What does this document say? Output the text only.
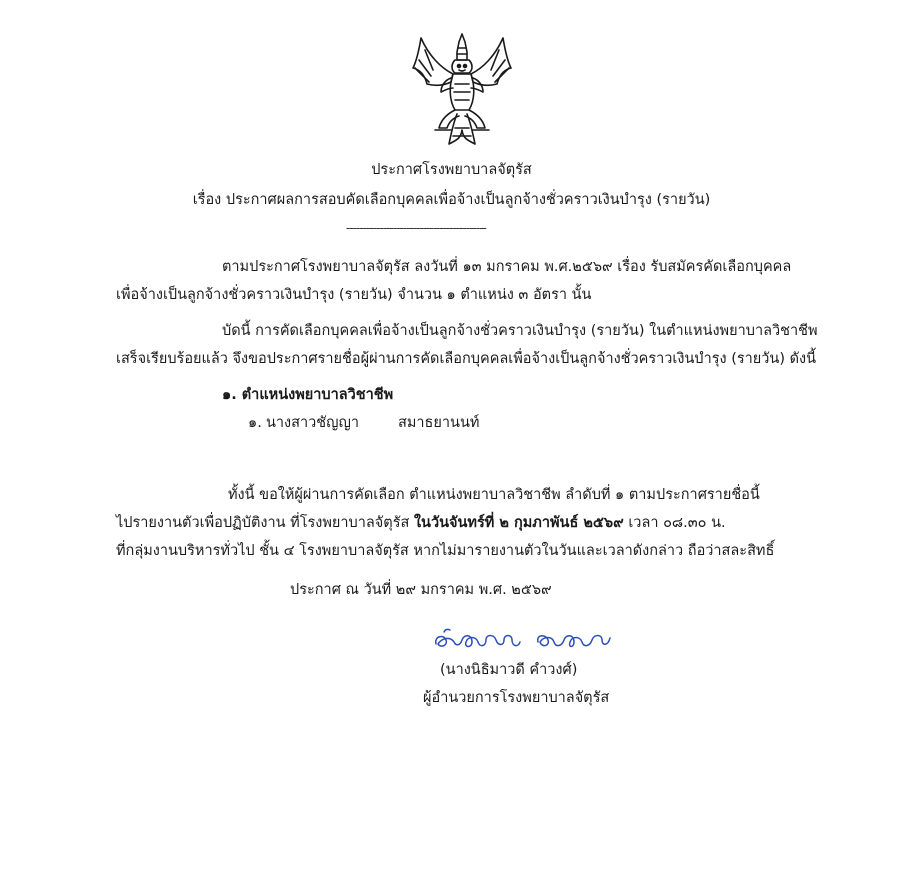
ประกาศโรงพยาบาลจัตุรัส
เรื่อง ประกาศผลการสอบคัดเลือกบุคคลเพื่อจ้างเป็นลูกจ้างชั่วคราวเงินบำรุง (รายวัน)
------------------------------------------
ตามประกาศโรงพยาบาลจัตุรัส ลงวันที่ ๑๓ มกราคม พ.ศ.๒๕๖๙ เรื่อง รับสมัครคัดเลือกบุคคล
เพื่อจ้างเป็นลูกจ้างชั่วคราวเงินบำรุง (รายวัน) จำนวน ๑ ตำแหน่ง ๓ อัตรา นั้น
บัดนี้ การคัดเลือกบุคคลเพื่อจ้างเป็นลูกจ้างชั่วคราวเงินบำรุง (รายวัน) ในตำแหน่งพยาบาลวิชาชีพ
เสร็จเรียบร้อยแล้ว จึงขอประกาศรายชื่อผู้ผ่านการคัดเลือกบุคคลเพื่อจ้างเป็นลูกจ้างชั่วคราวเงินบำรุง (รายวัน) ดังนี้
๑. ตำแหน่งพยาบาลวิชาชีพ
๑. นางสาวชัญญา	สมาธยานนท์
ทั้งนี้ ขอให้ผู้ผ่านการคัดเลือก ตำแหน่งพยาบาลวิชาชีพ ลำดับที่ ๑ ตามประกาศรายชื่อนี้
ไปรายงานตัวเพื่อปฏิบัติงาน ที่โรงพยาบาลจัตุรัส ในวันจันทร์ที่ ๒ กุมภาพันธ์ ๒๕๖๙ เวลา ๐๘.๓๐ น.
ที่กลุ่มงานบริหารทั่วไป ชั้น ๔ โรงพยาบาลจัตุรัส หากไม่มารายงานตัวในวันและเวลาดังกล่าว ถือว่าสละสิทธิ์
ประกาศ ณ วันที่ ๒๙ มกราคม พ.ศ. ๒๕๖๙
(นางนิธิมาวดี คำวงศ์)
ผู้อำนวยการโรงพยาบาลจัตุรัส
